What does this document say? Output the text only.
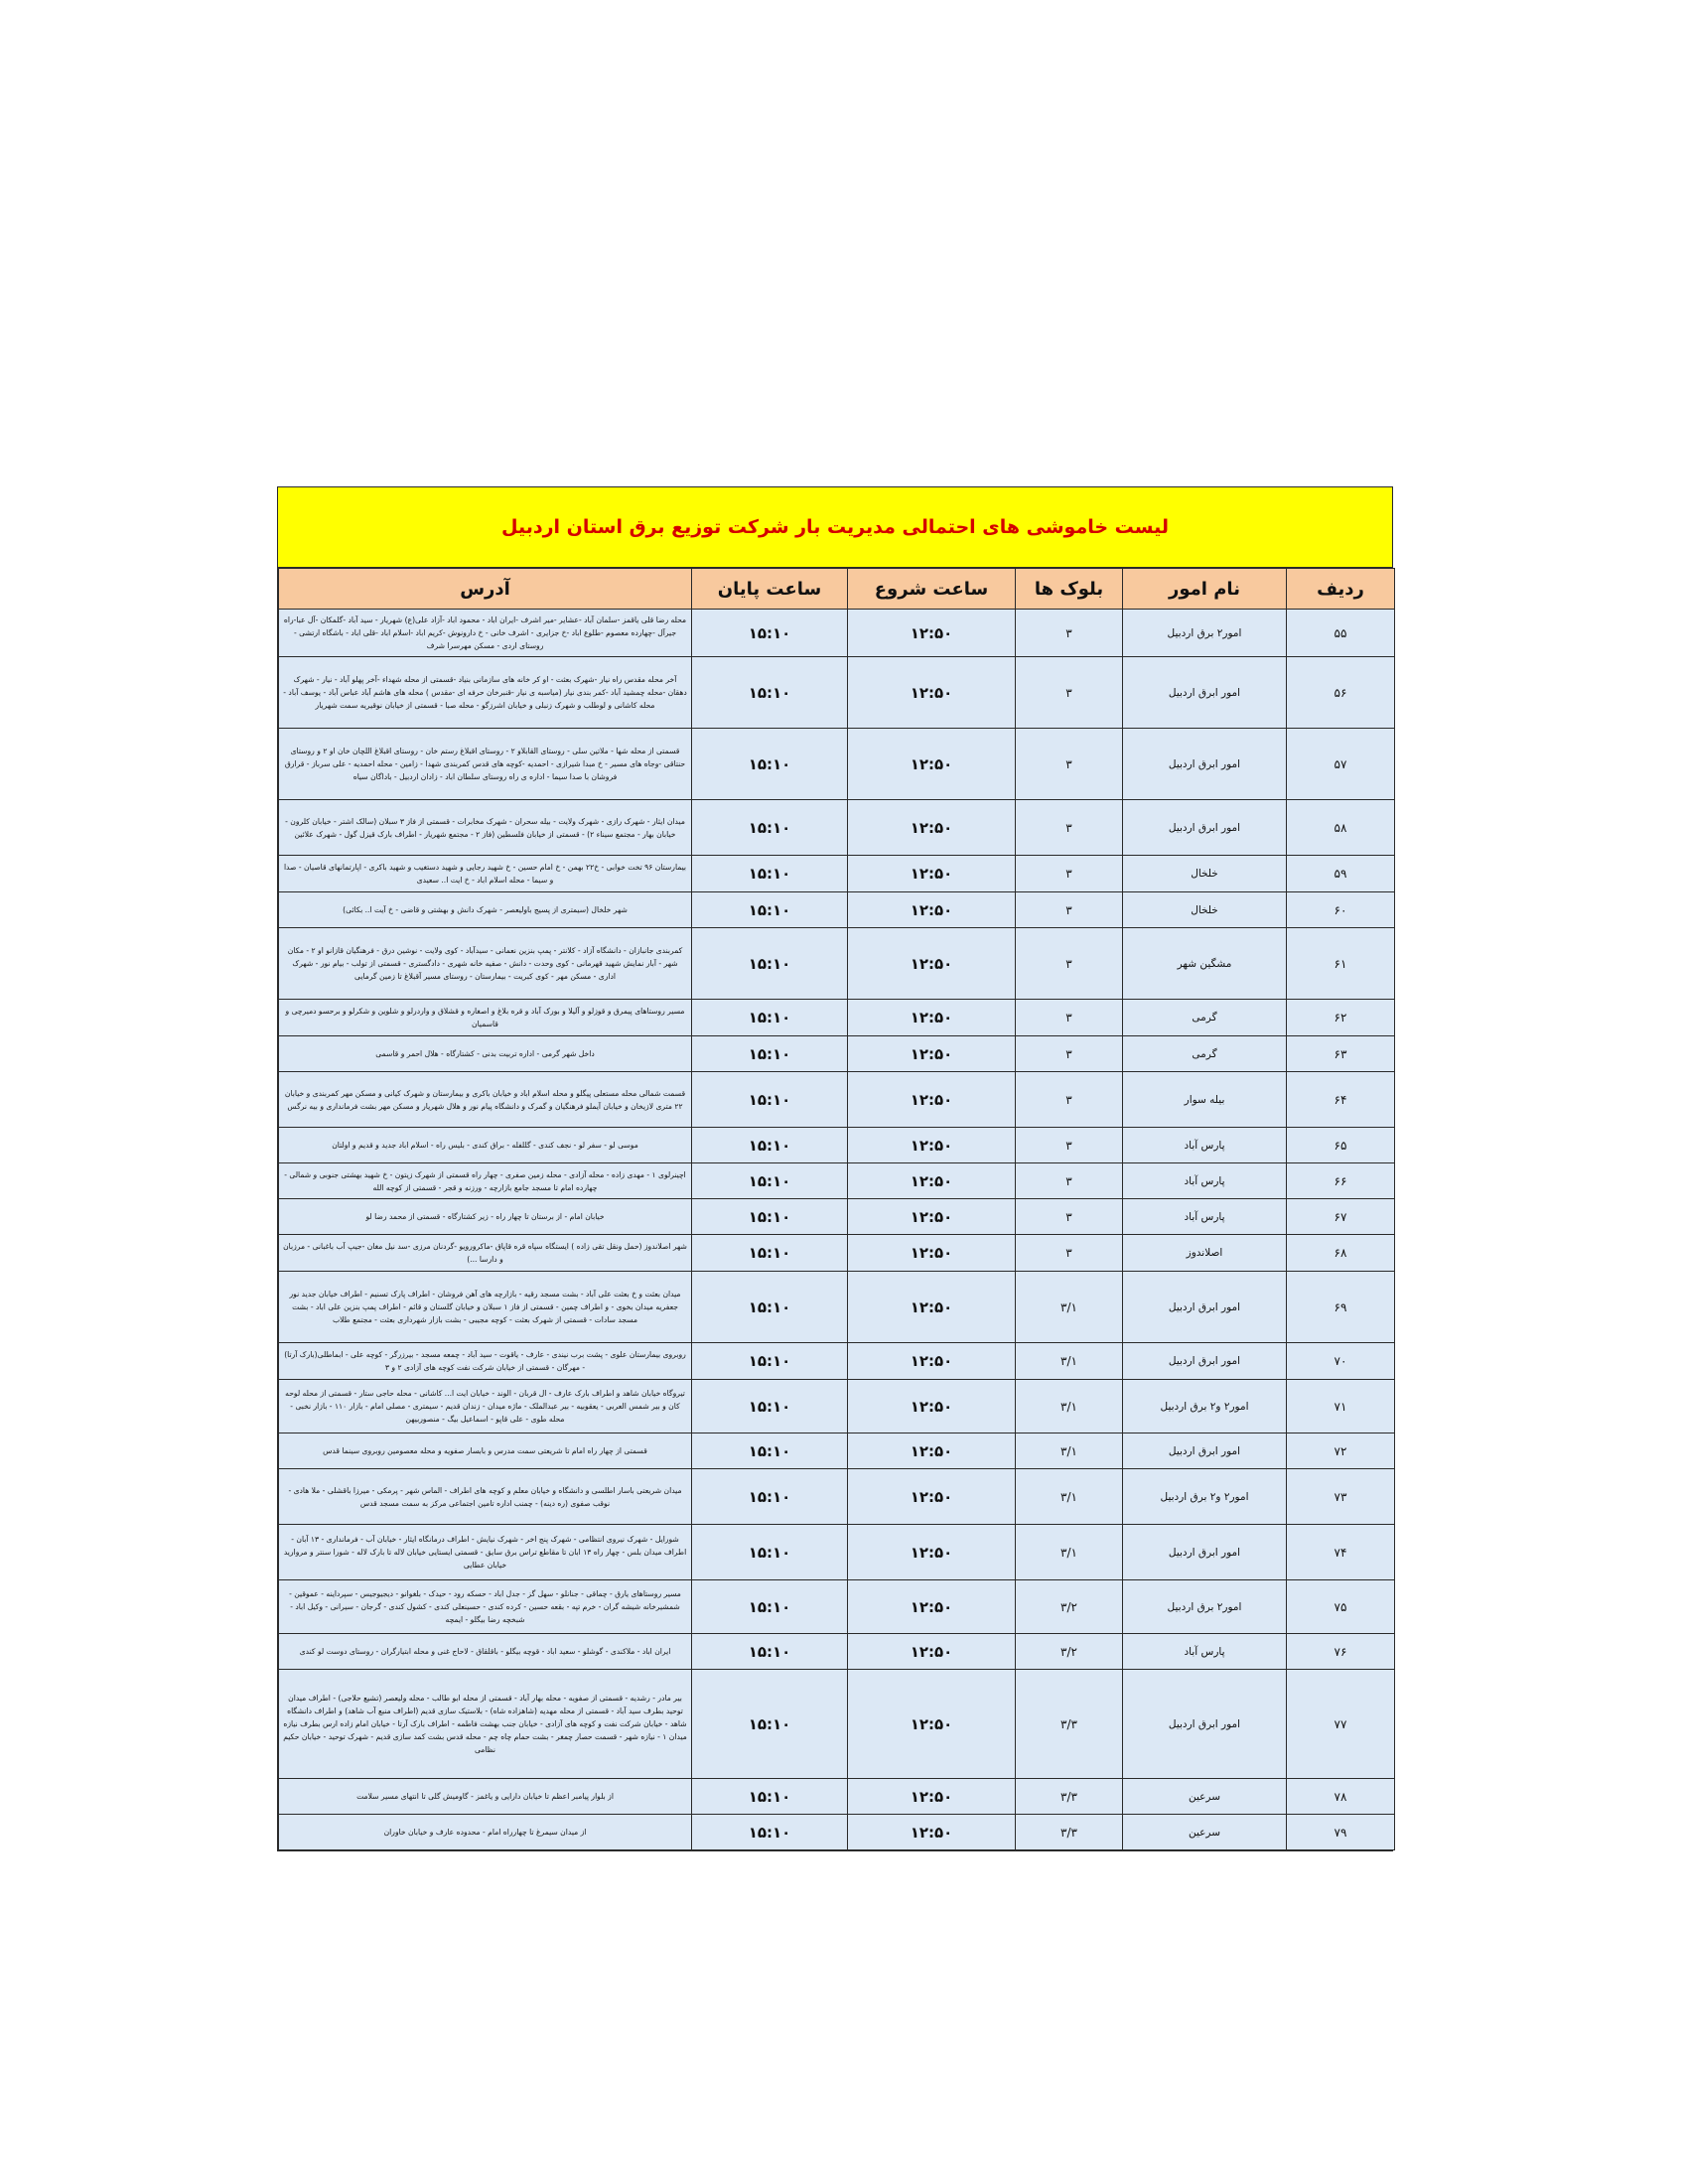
لیست خاموشی های احتمالی مدیریت بار شرکت توزیع برق استان اردبیل
ردیف	نام امور	بلوک ها	ساعت شروع	ساعت پایان	آدرس
۵۵	امور۲ برق اردبیل	۳	۱۲:۵۰	۱۵:۱۰	محله رضا قلی یاقمز -سلمان آباد -عشایر -میر اشرف -ایران اباد - محمود اباد -آزاد علی(ع) شهریار - سید آباد -گلمکان -آل عبا-راه جیرآل -چهارده معصوم -طلوع اباد -خ جزایری - اشرف خانی - خ دارونوش -کریم اباد -اسلام اباد -قلی اباد - باشگاه ارتشی - روستای اردی - مسکن مهرسرا شرف
۵۶	امور ابرق اردبیل	۳	۱۲:۵۰	۱۵:۱۰	آخر محله مقدس راه نیار -شهرک بعثت - او کر خانه های سازمانی بنیاد -قسمتی از محله شهداء -آخر پهلو آباد - نیار - شهرک دهقان -محله چمشید آباد -کمر بندی نیار (میاسبه ی نیار -قنبرخان حرفه ای -مقدس ) محله های هاشم آباد عباس آباد - یوسف آباد - محله کاشانی و لوطلب و شهرک زنبلی و خیابان اشرزگو - محله صبا - قسمتی از خیابان نوقیریه سمت شهریار
۵۷	امور ابرق اردبیل	۳	۱۲:۵۰	۱۵:۱۰	قسمتی از محله شها - ملاتین سلی - روستای القابلاو ۲ - روستای اقبلاغ رستم خان - روستای اقبلاغ اللچان خان او ۲ و روستای حنتاقی -وجاه های مسیر - خ مبدا شیرازی - احمدیه -کوچه های قدس کمربندی شهدا - زامین - محله احمدیه - علی سرباز - قرارق فروشان با صدا سیما - اداره ی راه روستای سلطان اباد - زادان اردبیل - باداگان سیاه
۵۸	امور ابرق اردبیل	۳	۱۲:۵۰	۱۵:۱۰	میدان ایثار - شهرک رازی - شهرک ولایت - بیله سحران - شهرک مخابرات - قسمتی از فاز ۳ سبلان (سالک اشتر - خیابان کلرون - خیابان بهار - مجتمع سیناء ۲) - قسمتی از خیابان فلسطین (فاز ۲ - مجتمع شهریار - اطراف بارک قیزل گول - شهرک علائین
۵۹	خلخال	۳	۱۲:۵۰	۱۵:۱۰	بیمارستان ۹۶ تخت خوابی - خ۲۲ بهمن - خ امام حسین - خ شهید رجایی و شهید دستغیب و شهید باکری - اپارتمانهای قاصیان - صدا و سیما - محله اسلام اباد - خ ایت ا.. سعیدی
۶۰	خلخال	۳	۱۲:۵۰	۱۵:۱۰	شهر خلخال (سیمتری از پسیج باولیعصر - شهرک دانش و بهشتی و قاضی - خ آیت ا.. بکائی)
۶۱	مشگین شهر	۳	۱۲:۵۰	۱۵:۱۰	کمربندی جانبازان - دانشگاه آزاد - کلانتر - پمپ بنزین نعمانی - سیدآباد - کوی ولایت - نوشین درق - فرهنگیان قازانو او ۲ - مکان شهر - آبار نمایش شهید قهرمانی - کوی وحدت - دانش - صفیه خانه شهری - دادگستری - قسمتی از تولب - بیام نور - شهرک اداری - مسکن مهر - کوی کبریت - بیمارستان - روستای مسیر آقبلاغ تا زمین گرمایی
۶۲	گرمی	۳	۱۲:۵۰	۱۵:۱۰	مسیر روستاهای پیمرق و قوزلو و آلیلا و بورک آباد و قره بلاغ و اصغاره و قشلاق و واردرلو و شلوین و شکرلو و برحسو دمیرچی و قاسمیان
۶۳	گرمی	۳	۱۲:۵۰	۱۵:۱۰	داخل شهر گرمی - اداره تربیت بدنی - کشتارگاه - هلال احمر و قاسمی
۶۴	بیله سوار	۳	۱۲:۵۰	۱۵:۱۰	قسمت شمالی محله مستعلی پیگلو و محله اسلام اباد و خیابان باکری و بیمارستان و شهرک کیانی و مسکن مهر کمربندی و خیابان ۲۲ متری لازیخان و خیابان آیملو فرهنگیان و گمرک و دانشگاه پیام نور و هلال شهریار و مسکن مهر بشت فرمانداری و بیه نرگس
۶۵	پارس آباد	۳	۱۲:۵۰	۱۵:۱۰	موسی لو - سفر لو - نجف کندی - گللفله - براق کندی - بلیس راه - اسلام اباد جدید و قدیم و اولتان
۶۶	پارس آباد	۳	۱۲:۵۰	۱۵:۱۰	اچینرلوی ۱ - مهدی زاده - محله آزادی - محله زمین صفری - چهار راه قسمتی از شهرک زیتون - خ شهید بهشتی جنوبی و شمالی - چهارده امام تا مسجد جامع بازارچه - ورزنه و قجر - قسمتی از کوچه الله
۶۷	پارس آباد	۳	۱۲:۵۰	۱۵:۱۰	خیابان امام - از برستان تا چهار راه - زیر کشتارگاه - قسمتی از محمد رضا لو
۶۸	اصلاندوز	۳	۱۲:۵۰	۱۵:۱۰	شهر اصلاندوز (حمل ونقل تقی زاده ) ایستگاه سپاه قره قاپاق -ماکرورویو -گردنان مرزی -سد نیل مغان -جیپ آب باغبانی - مرزبان و دارسا ...)
۶۹	امور ابرق اردبیل	۳/۱	۱۲:۵۰	۱۵:۱۰	میدان بعثت و خ بعثت علی آباد - بشت مسجد رقیه - بازارچه های آهن فروشان - اطراف پارک تسنیم - اطراف خیابان جدید نور جعفریه میدان بخوی - و اطراف چمین - قسمتی از فاز ۱ سبلان و خیابان گلستان و قائم - اطراف پمپ بنزین علی اباد - بشت مسجد سادات - قسمتی از شهرک بعثت - کوچه مجیبی - بشت بازار شهرداری بعثت - مجتمع طلاب
۷۰	امور ابرق اردبیل	۳/۱	۱۲:۵۰	۱۵:۱۰	روبروی بیمارستان علوی - پشت برب نیندی - عارف - یاقوت - سید آباد - چمعه مسجد - بیرزرگر - کوچه علی - ابماطلی(بارک آرتا) - مهرگان - قسمتی از خیابان شرکت نفت کوچه های آزادی ۲ و ۳
۷۱	امور۲ و۲ برق اردبیل	۳/۱	۱۲:۵۰	۱۵:۱۰	تیروگاه خیابان شاهد و اطراف بارک عارف - ال قربان - الوند - خیابان ایت ا... کاشانی - محله حاجی ستار - قسمتی از محله لوحه کان و بیر شمس العربی - یعقوبیه - بیر عبدالملک - ماژه میدان - زندان قدیم - سیمتری - مصلی امام - بازار ۱۱۰ - بازار نخبی - محله طوی - علی قاپو - اسماعیل بیگ - منصوربیهن
۷۲	امور ابرق اردبیل	۳/۱	۱۲:۵۰	۱۵:۱۰	قسمتی از چهار راه امام تا شریعتی سمت مدرس و بابسار صفویه و محله معصومین روبروی سینما قدس
۷۳	امور۲ و۲ برق اردبیل	۳/۱	۱۲:۵۰	۱۵:۱۰	میدان شریعتی باسار اطلسی و دانشگاه و خیابان معلم و کوچه های اطراف - الماس شهر - پرمکی - میرزا باقشلی - ملا هادی - نوقب صفوی (ره دینه) - چمنب اداره تامین اجتماعی مرکز به سمت مسجد قدس
۷۴	امور ابرق اردبیل	۳/۱	۱۲:۵۰	۱۵:۱۰	شورایل - شهرک نیروی انتظامی - شهرک پنج اخر - شهرک نیایش - اطراف درمانگاه ایثار - خیابان آب - فرمانداری - ۱۳ آبان - اطراف میدان بلس - چهار راه ۱۳ ابان تا مقاطع تراس برق سایق - قسمتی ایستایی خیابان لاله تا بارک لاله - شورا سنتر و مروارید خیابان عطایی
۷۵	امور۲ برق اردبیل	۳/۲	۱۲:۵۰	۱۵:۱۰	مسیر روستاهای یارق - چماقی - جنانلو - سهل گز - جدل اباد - حسکه رود - حیدک - بلغوانو - دیجیوجیس - سپرداینه - عموقین - شمشیرخانه شیشه گران - خرم تپه - بقعه حسین - کرده کندی - حسینعلی کندی - کشول کندی - گرجان - سیرانی - وکیل اباد - شبخچه رضا بیگلو - ایمچه
۷۶	پارس آباد	۳/۲	۱۲:۵۰	۱۵:۱۰	ایران اباد - ملاکندی - گوشلو - سعید اباد - قوچه بیگلو - باقلقاق - لاحاج غنی و محله ابتیارگران - روستای دوست لو کندی
۷۷	امور ابرق اردبیل	۳/۳	۱۲:۵۰	۱۵:۱۰	بیر مادر - رشدیه - قسمتی از صفویه - محله بهار آباد - قسمتی از محله ابو طالب - محله ولیعصر (تشیع حلاجی) - اطراف میدان توحید بطرف سید آباد - قسمتی از محله مهدیه (شاهزاده شاه) - بلاستیک سازی قدیم (اطراف منبع آب شاهد) و اطراف دانشگاه شاهد - خیابان شرکت نفت و کوچه های آزادی - خیابان جنب بهشت فاطمه - اطراف بارک آرتا - خیابان امام زاده ارس بطرف نیازه میدان ۱ - نیازه شهر - قسمت حصار چمغر - بشت حمام چاه چم - محله قدس بشت کمد سازی قدیم - شهرک توحید - خیابان حکیم نظامی
۷۸	سرعین	۳/۳	۱۲:۵۰	۱۵:۱۰	از بلوار پیامبر اعظم تا خیابان دارایی و یاغمز - گاومیش گلی تا انتهای مسیر سلامت
۷۹	سرعین	۳/۳	۱۲:۵۰	۱۵:۱۰	از میدان سیمرغ تا چهارراه امام - محدوده عارف و خیابان خاوران
